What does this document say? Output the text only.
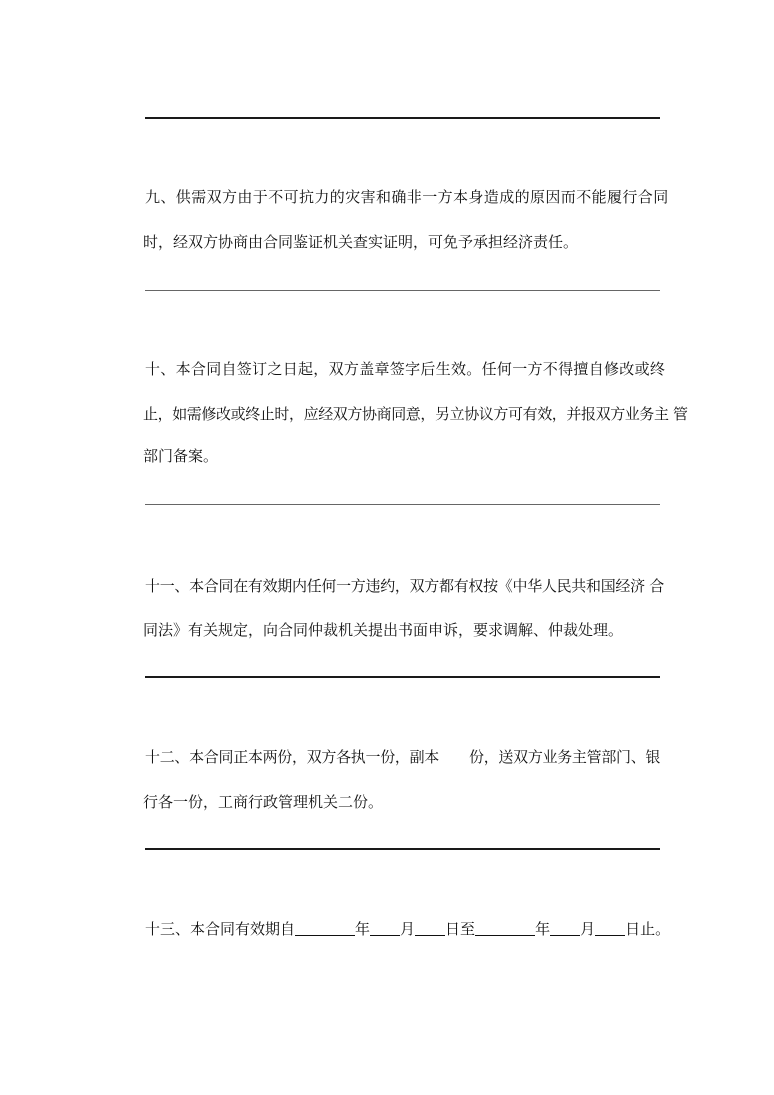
九、供需双方由于不可抗力的灾害和确非一方本身造成的原因而不能履行合同
时，经双方协商由合同鉴证机关查实证明，可免予承担经济责任。
十、本合同自签订之日起，双方盖章签字后生效。任何一方不得擅自修改或终
止，如需修改或终止时，应经双方协商同意，另立协议方可有效，并报双方业务主 管
部门备案。
十一、本合同在有效期内任何一方违约，双方都有权按《中华人民共和国经济 合
同法》有关规定，向合同仲裁机关提出书面申诉，要求调解、仲裁处理。
十二、本合同正本两份，双方各执一份，副本 份，送双方业务主管部门、银
行各一份，工商行政管理机关二份。
十三、本合同有效期自	年 月 日至	年 月 日止。
